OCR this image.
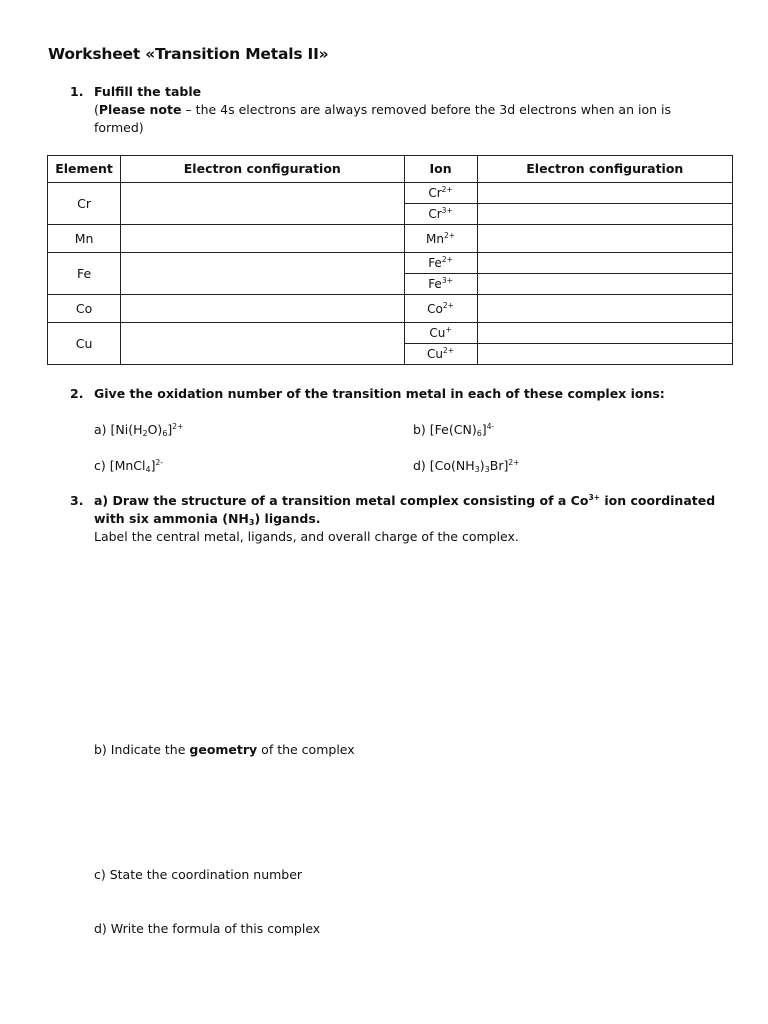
Worksheet «Transition Metals II»
1. Fulfill the table
(Please note – the 4s electrons are always removed before the 3d electrons when an ion is formed)
Element	Electron configuration	Ion	Electron configuration
Cr		$Cr^{2+}$	
		$Cr^{3+}$	
Mn		$Mn^{2+}$	
Fe		$Fe^{2+}$	
		$Fe^{3+}$	
Co		$Co^{2+}$	
Cu		Cu+	
		$Cu^{2+}$	
2. Give the oxidation number of the transition metal in each of these complex ions:
a) $[Ni(H_2O)_6]^{2+}$	b) $[Fe(CN)_6]^{4-}$
c) [MnCl$_4$]$^{2-}$	d) $[Co(NH_3)_3Br]^{2+}$
3. a) Draw the structure of a transition metal complex consisting of a $Co^{3+}$ ion coordinated
with six ammonia $(NH_3)$ ligands.
Label the central metal, ligands, and overall charge of the complex.
b) Indicate the geometry of the complex
c) State the coordination number
d) Write the formula of this complex
